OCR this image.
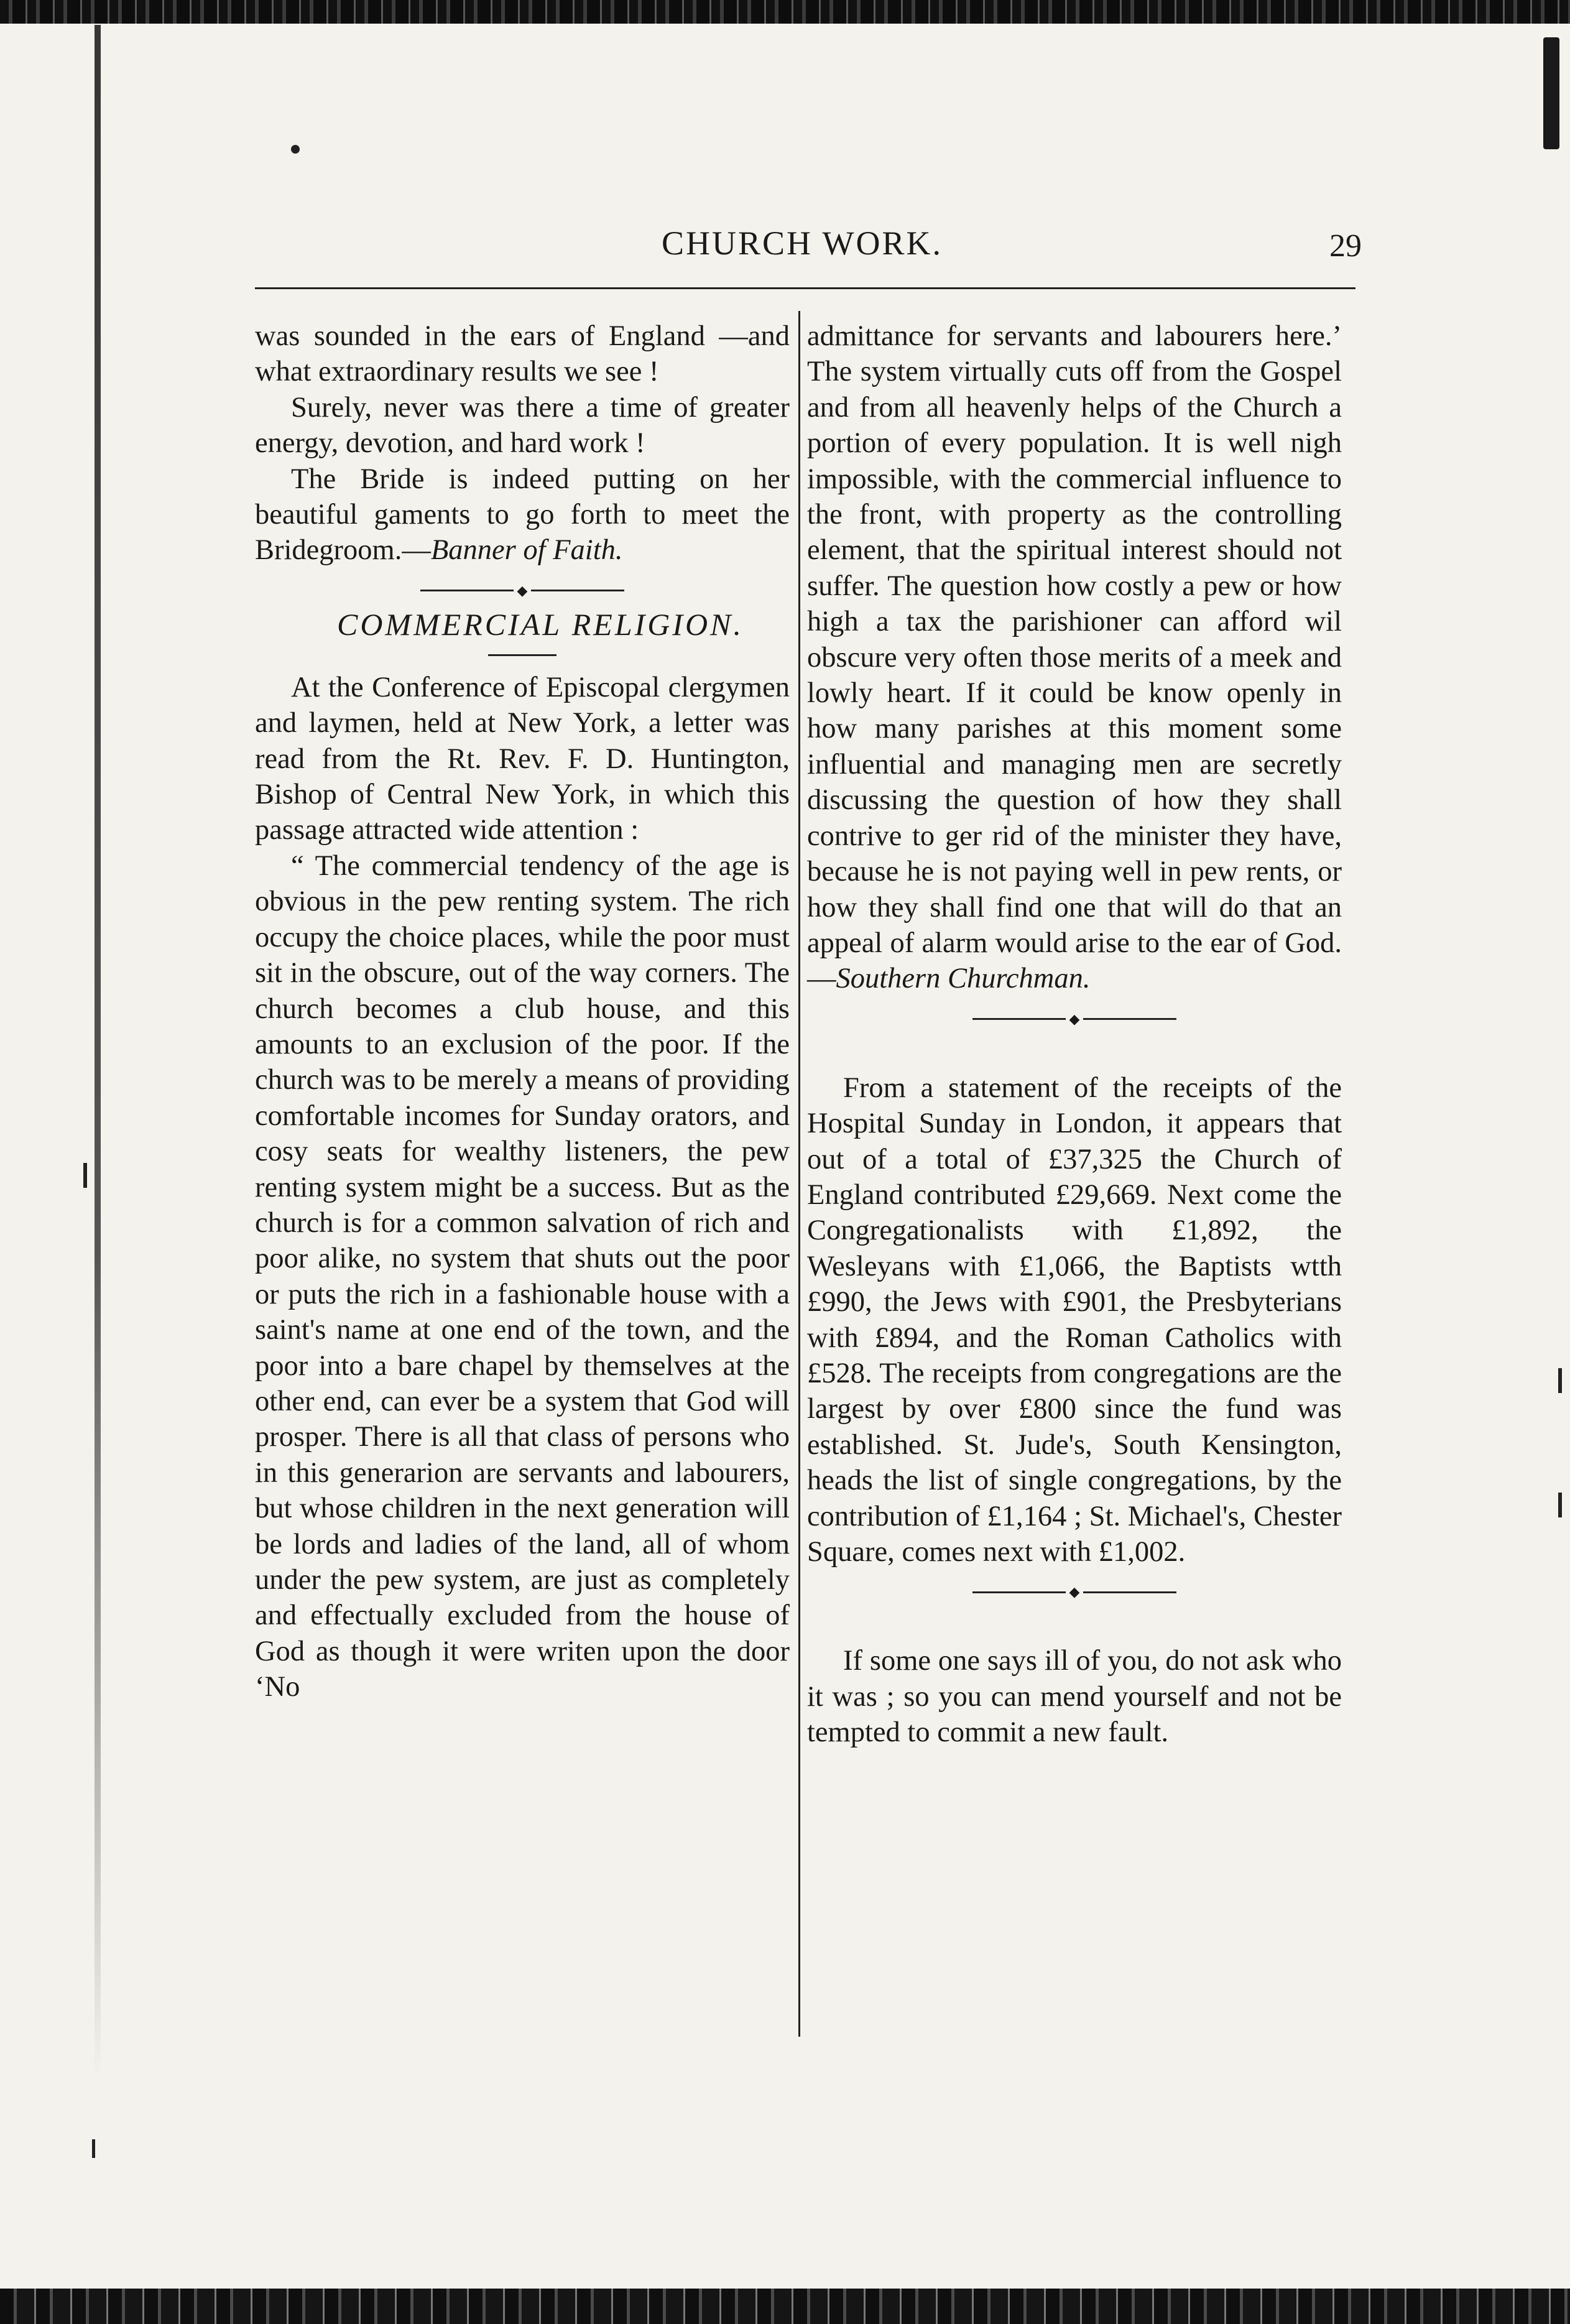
CHURCH WORK.	29

was sounded in the ears of England —and what extraordinary results we see !

Surely, never was there a time of greater energy, devotion, and hard work !

The Bride is indeed putting on her beautiful gaments to go forth to meet the Bridegroom.—Banner of Faith.

◆

COMMERCIAL RELIGION.

At the Conference of Episcopal clergymen and laymen, held at New York, a letter was read from the Rt. Rev. F. D. Huntington, Bishop of Central New York, in which this passage attracted wide attention :

“ The commercial tendency of the age is obvious in the pew renting system. The rich occupy the choice places, while the poor must sit in the obscure, out of the way corners. The church becomes a club house, and this amounts to an exclusion of the poor. If the church was to be merely a means of providing comfortable incomes for Sunday orators, and cosy seats for wealthy listeners, the pew renting system might be a success. But as the church is for a common salvation of rich and poor alike, no system that shuts out the poor or puts the rich in a fashionable house with a saint's name at one end of the town, and the poor into a bare chapel by themselves at the other end, can ever be a system that God will prosper. There is all that class of persons who in this generarion are servants and labourers, but whose children in the next generation will be lords and ladies of the land, all of whom under the pew system, are just as completely and effectually excluded from the house of God as though it were writen upon the door ‘No

admittance for servants and labourers here.’ The system virtually cuts off from the Gospel and from all heavenly helps of the Church a portion of every population. It is well nigh impossible, with the commercial influence to the front, with property as the controlling element, that the spiritual interest should not suffer. The question how costly a pew or how high a tax the parishioner can afford wil obscure very often those merits of a meek and lowly heart. If it could be know openly in how many parishes at this moment some influential and managing men are secretly discussing the question of how they shall contrive to ger rid of the minister they have, because he is not paying well in pew rents, or how they shall find one that will do that an appeal of alarm would arise to the ear of God.—Southern Churchman.

◆

From a statement of the receipts of the Hospital Sunday in London, it appears that out of a total of £37,325 the Church of England contributed £29,669. Next come the Congregationalists with £1,892, the Wesleyans with £1,066, the Baptists wtth £990, the Jews with £901, the Presbyterians with £894, and the Roman Catholics with £528. The receipts from congregations are the largest by over £800 since the fund was established. St. Jude's, South Kensington, heads the list of single congregations, by the contribution of £1,164 ; St. Michael's, Chester Square, comes next with £1,002.

◆

If some one says ill of you, do not ask who it was ; so you can mend yourself and not be tempted to commit a new fault.
